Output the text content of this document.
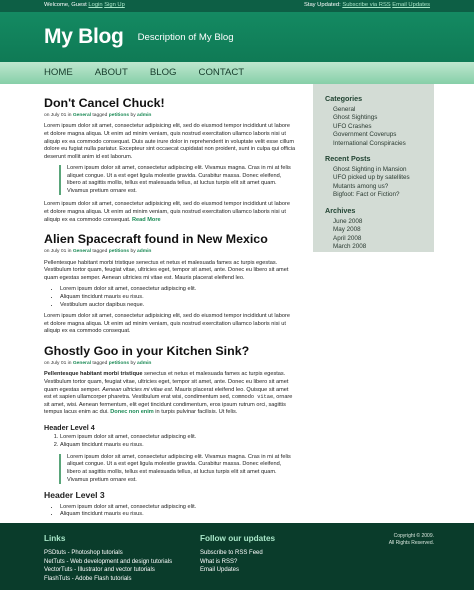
Welcome, Guest Login Sign Up	Stay Updated: Subscribe via RSS Email Updates
My Blog Description of My Blog
HOME ABOUT BLOG CONTACT
Don't Cancel Chuck!
on July 01 in General tagged petitions by admin

Lorem ipsum dolor sit amet, consectetur adipisicing elit, sed do eiusmod tempor incididunt ut labore et dolore magna aliqua. Ut enim ad minim veniam, quis nostrud exercitation ullamco laboris nisi ut aliquip ex ea commodo consequat. Duis aute irure dolor in reprehenderit in voluptate velit esse cillum dolore eu fugiat nulla pariatur. Excepteur sint occaecat cupidatat non proident, sunt in culpa qui officia deserunt mollit anim id est laborum.

Lorem ipsum dolor sit amet, consectetur adipiscing elit. Vivamus magna. Cras in mi at felis aliquet congue. Ut a est eget ligula molestie gravida. Curabitur massa. Donec eleifend, libero at sagittis mollis, tellus est malesuada tellus, at luctus turpis elit sit amet quam. Vivamus pretium ornare est.

Lorem ipsum dolor sit amet, consectetur adipisicing elit, sed do eiusmod tempor incididunt ut labore et dolore magna aliqua. Ut enim ad minim veniam, quis nostrud exercitation ullamco laboris nisi ut aliquip ex ea commodo consequat. Read More

Alien Spacecraft found in New Mexico
on July 01 in General tagged petitions by admin

Pellentesque habitant morbi tristique senectus et netus et malesuada fames ac turpis egestas. Vestibulum tortor quam, feugiat vitae, ultricies eget, tempor sit amet, ante. Donec eu libero sit amet quam egestas semper. Aenean ultricies mi vitae est. Mauris placerat eleifend leo.

• Lorem ipsum dolor sit amet, consectetur adipiscing elit.
• Aliquam tincidunt mauris eu risus.
• Vestibulum auctor dapibus neque.

Lorem ipsum dolor sit amet, consectetur adipisicing elit, sed do eiusmod tempor incididunt ut labore et dolore magna aliqua. Ut enim ad minim veniam, quis nostrud exercitation ullamco laboris nisi ut aliquip ex ea commodo consequat.

Ghostly Goo in your Kitchen Sink?
on July 01 in General tagged petitions by admin

Pellentesque habitant morbi tristique senectus et netus et malesuada fames ac turpis egestas. Vestibulum tortor quam, feugiat vitae, ultricies eget, tempor sit amet, ante. Donec eu libero sit amet quam egestas semper. Aenean ultricies mi vitae est. Mauris placerat eleifend leo. Quisque sit amet est et sapien ullamcorper pharetra. Vestibulum erat wisi, condimentum sed, commodo vitae, ornare sit amet, wisi. Aenean fermentum, elit eget tincidunt condimentum, eros ipsum rutrum orci, sagittis tempus lacus enim ac dui. Donec non enim in turpis pulvinar facilisis. Ut felis.

Header Level 4
1. Lorem ipsum dolor sit amet, consectetur adipiscing elit.
2. Aliquam tincidunt mauris eu risus.
Lorem ipsum dolor sit amet, consectetur adipiscing elit. Vivamus magna. Cras in mi at felis aliquet congue. Ut a est eget ligula molestie gravida. Curabitur massa. Donec eleifend, libero at sagittis mollis, tellus est malesuada tellus, at luctus turpis elit sit amet quam. Vivamus pretium ornare est.
Header Level 3
• Lorem ipsum dolor sit amet, consectetur adipiscing elit.
• Aliquam tincidunt mauris eu risus.
1.
2.
Categories
General
Ghost Sightings
UFO Crashes
Government Coverups
International Conspiracies
Recent Posts
Ghost Sighting in Mansion
UFO picked up by satellites
Mutants among us?
Bigfoot: Fact or Fiction?
Archives
June 2008
May 2008
April 2008
March 2008
Links
PSDtuts - Photoshop tutorials
NetTuts - Web development and design tutorials
VectorTuts - Illustrator and vector tutorials
FlashTuts - Adobe Flash tutorials
Follow our updates
Subscribe to RSS Feed
What is RSS?
Email Updates
Copyright © 2009.
All Rights Reserved.
